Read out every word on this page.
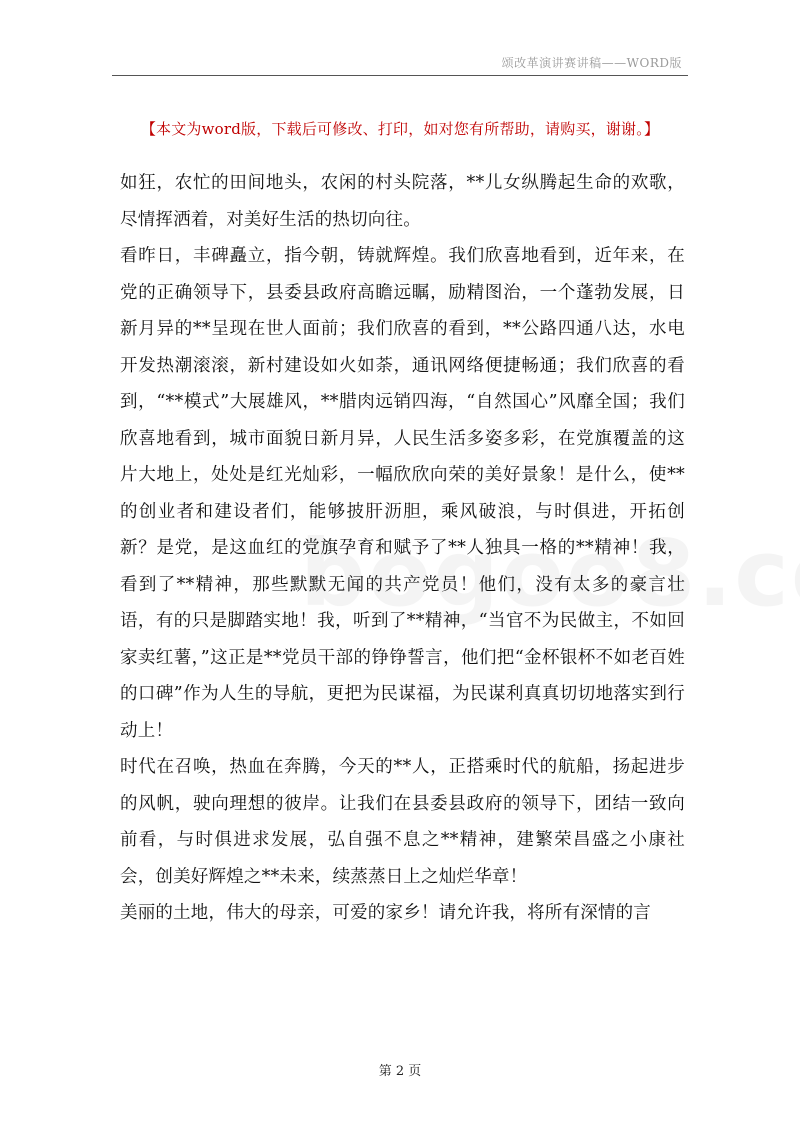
颂改革演讲赛讲稿——WORD版
【本文为word版，下载后可修改、打印，如对您有所帮助，请购买，谢谢。】

如狂，农忙的田间地头，农闲的村头院落，**儿女纵腾起生命的欢歌，尽情挥洒着，对美好生活的热切向往。

看昨日，丰碑矗立，指今朝，铸就辉煌。我们欣喜地看到，近年来，在党的正确领导下，县委县政府高瞻远瞩，励精图治，一个蓬勃发展，日新月异的**呈现在世人面前；我们欣喜的看到，**公路四通八达，水电开发热潮滚滚，新村建设如火如荼，通讯网络便捷畅通；我们欣喜的看到，“**模式”大展雄风，**腊肉远销四海，“自然国心”风靡全国；我们欣喜地看到，城市面貌日新月异，人民生活多姿多彩，在党旗覆盖的这片大地上，处处是红光灿彩，一幅欣欣向荣的美好景象！是什么，使**的创业者和建设者们，能够披肝沥胆，乘风破浪，与时俱进，开拓创新？是党，是这血红的党旗孕育和赋予了**人独具一格的**精神！我，看到了**精神，那些默默无闻的共产党员！他们，没有太多的豪言壮语，有的只是脚踏实地！我，听到了**精神，“当官不为民做主，不如回家卖红薯，”这正是**党员干部的铮铮誓言，他们把“金杯银杯不如老百姓的口碑”作为人生的导航，更把为民谋福，为民谋利真真切切地落实到行动上！

时代在召唤，热血在奔腾，今天的**人，正搭乘时代的航船，扬起进步的风帆，驶向理想的彼岸。让我们在县委县政府的领导下，团结一致向前看，与时俱进求发展，弘自强不息之**精神，建繁荣昌盛之小康社会，创美好辉煌之**未来，续蒸蒸日上之灿烂华章！

美丽的土地，伟大的母亲，可爱的家乡！请允许我，将所有深情的言

第 2 页
